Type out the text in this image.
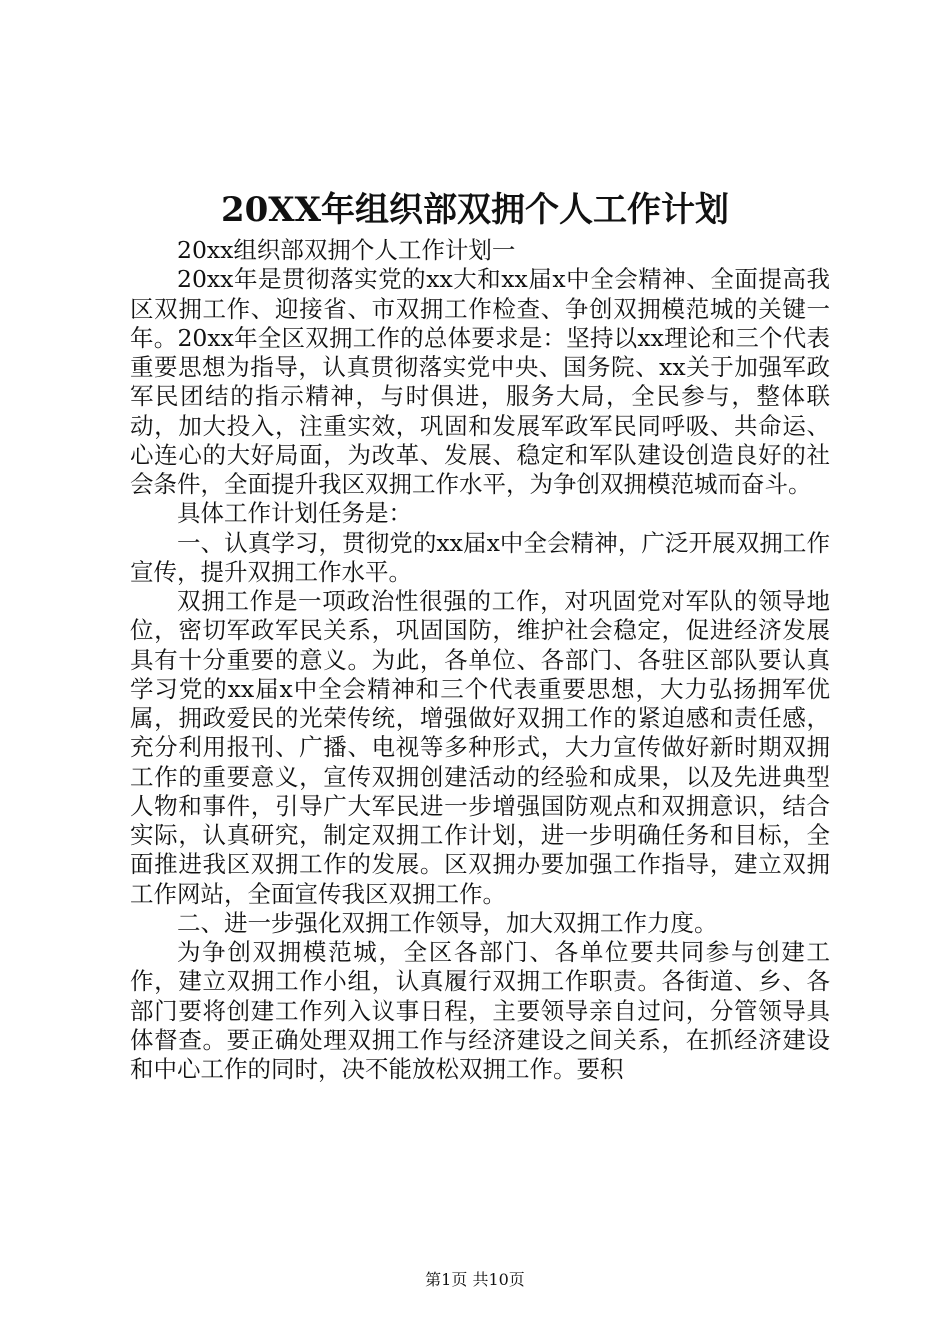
20XX年组织部双拥个人工作计划

20xx组织部双拥个人工作计划一

20xx年是贯彻落实党的xx大和xx届x中全会精神、全面提高我区双拥工作、迎接省、市双拥工作检查、争创双拥模范城的关键一年。20xx年全区双拥工作的总体要求是：坚持以xx理论和三个代表重要思想为指导，认真贯彻落实党中央、国务院、xx关于加强军政军民团结的指示精神，与时俱进，服务大局，全民参与，整体联动，加大投入，注重实效，巩固和发展军政军民同呼吸、共命运、心连心的大好局面，为改革、发展、稳定和军队建设创造良好的社会条件，全面提升我区双拥工作水平，为争创双拥模范城而奋斗。

具体工作计划任务是：

一、认真学习，贯彻党的xx届x中全会精神，广泛开展双拥工作宣传，提升双拥工作水平。

双拥工作是一项政治性很强的工作，对巩固党对军队的领导地位，密切军政军民关系，巩固国防，维护社会稳定，促进经济发展具有十分重要的意义。为此，各单位、各部门、各驻区部队要认真学习党的xx届x中全会精神和三个代表重要思想，大力弘扬拥军优属，拥政爱民的光荣传统，增强做好双拥工作的紧迫感和责任感，充分利用报刊、广播、电视等多种形式，大力宣传做好新时期双拥工作的重要意义，宣传双拥创建活动的经验和成果，以及先进典型人物和事件，引导广大军民进一步增强国防观点和双拥意识，结合实际，认真研究，制定双拥工作计划，进一步明确任务和目标，全面推进我区双拥工作的发展。区双拥办要加强工作指导，建立双拥工作网站，全面宣传我区双拥工作。

二、进一步强化双拥工作领导，加大双拥工作力度。

为争创双拥模范城，全区各部门、各单位要共同参与创建工作，建立双拥工作小组，认真履行双拥工作职责。各街道、乡、各部门要将创建工作列入议事日程，主要领导亲自过问，分管领导具体督查。要正确处理双拥工作与经济建设之间关系，在抓经济建设和中心工作的同时，决不能放松双拥工作。要积

第1页 共10页
